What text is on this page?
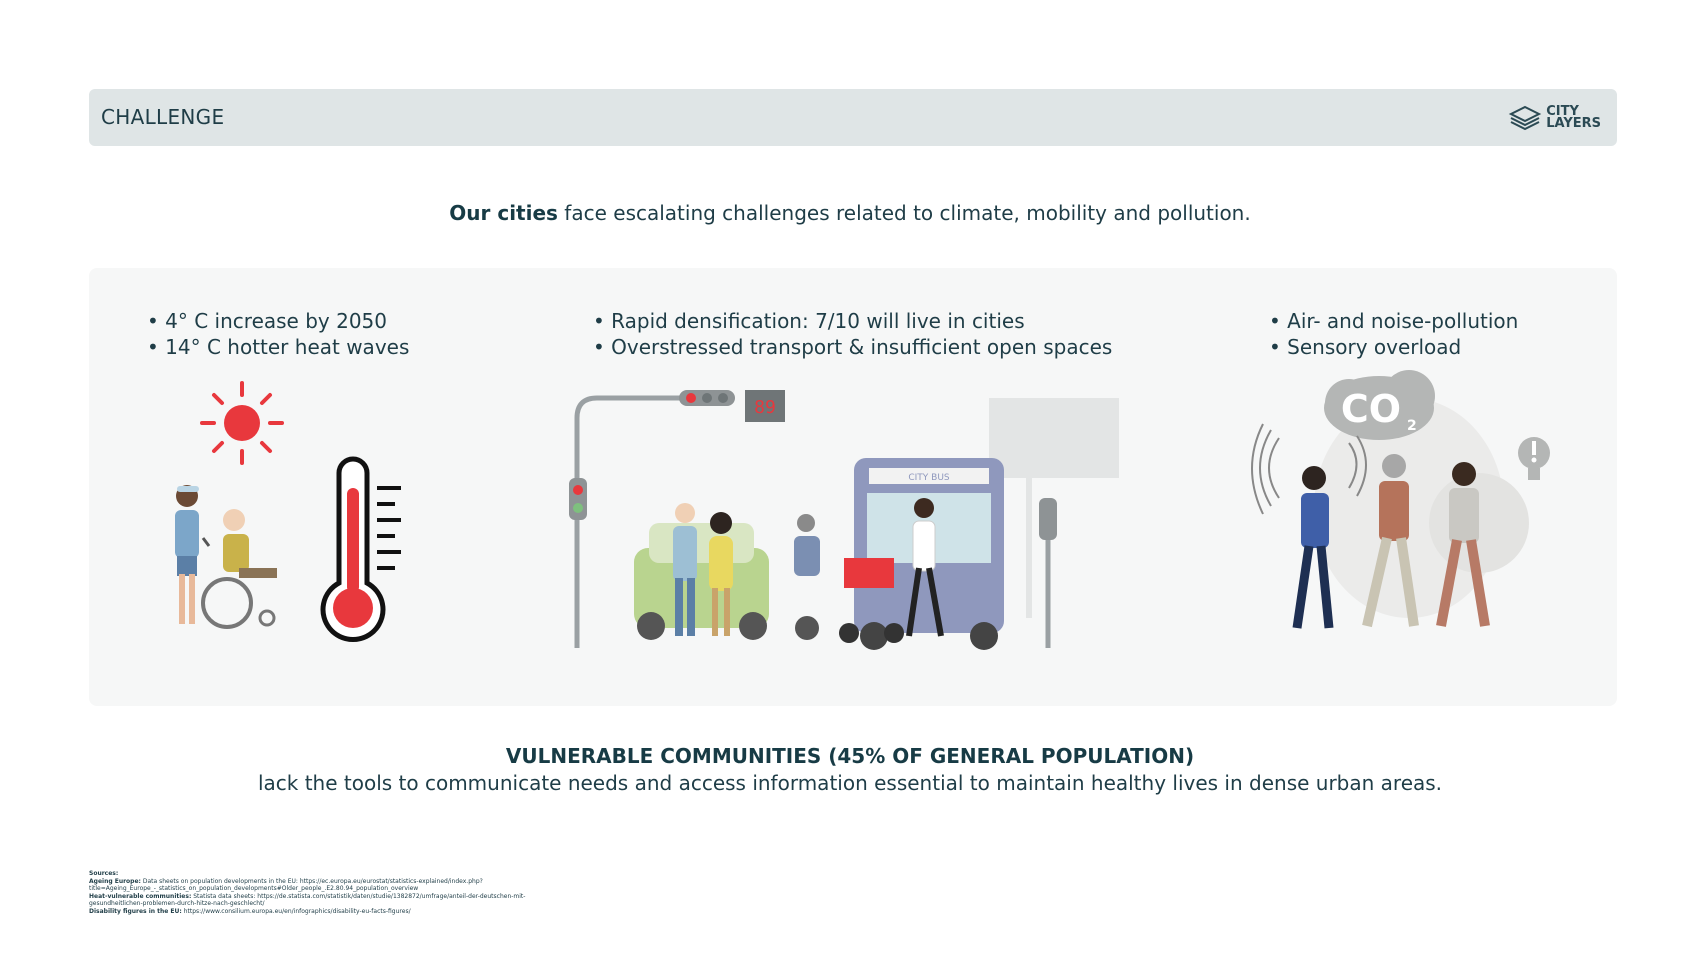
CHALLENGE	CITY
LAYERS
Our cities face escalating challenges related to climate, mobility and pollution.
• 4° C increase by 2050
• 14° C hotter heat waves
• Rapid densification: 7/10 will live in cities
• Overstressed transport & insufficient open spaces
• Air- and noise-pollution
• Sensory overload
89
CITY BUS
CO 2
VULNERABLE COMMUNITIES (45% OF GENERAL POPULATION)
lack the tools to communicate needs and access information essential to maintain healthy lives in dense urban areas.
Sources:
Ageing Europe: Data sheets on population developments in the EU: https://ec.europa.eu/eurostat/statistics-explained/index.php?title=Ageing_Europe_-_statistics_on_population_developments#Older_people_.E2.80.94_population_overview
Heat-vulnerable communities: Statista data sheets: https://de.statista.com/statistik/daten/studie/1382872/umfrage/anteil-der-deutschen-mit-gesundheitlichen-problemen-durch-hitze-nach-geschlecht/
Disability figures in the EU: https://www.consilium.europa.eu/en/infographics/disability-eu-facts-figures/
